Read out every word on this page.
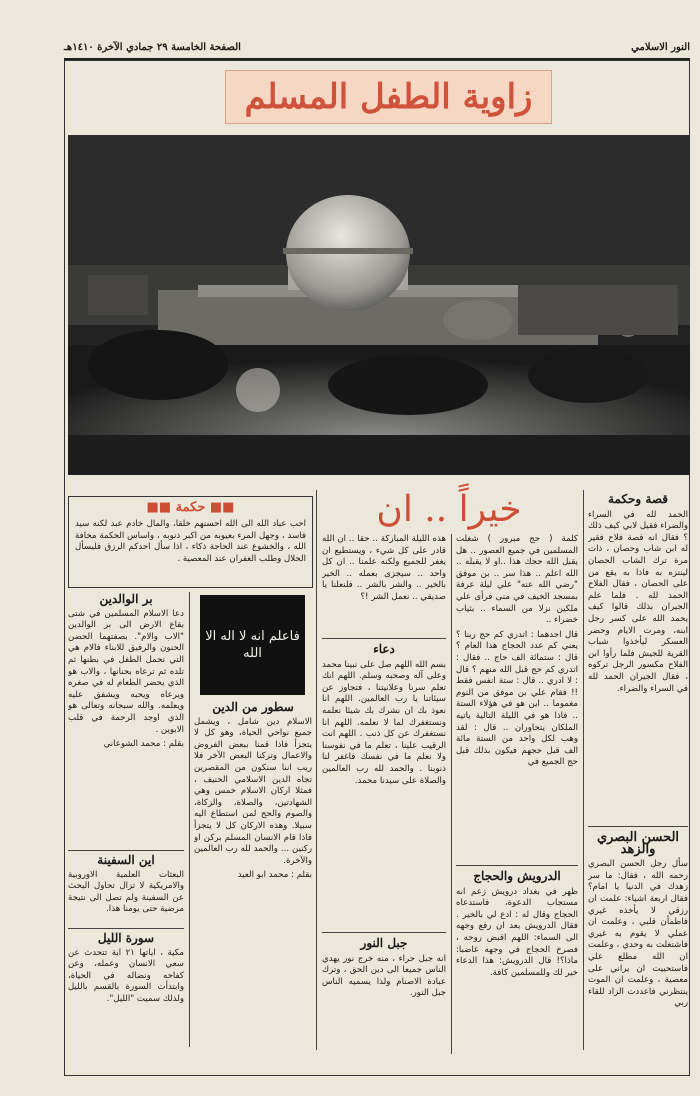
الصفحة الخامسة ٢٩ جمادي الآخرة ١٤١٠هـ	النور الاسلامي
زاوية الطفل المسلم
قصة وحكمة

الحمد لله في السراء والضراء فقيل لابي كيف ذلك ؟ فقال انه قصة فلاح فقير له ابن شاب وحصان ، ذات مرة ترك الشاب الحصان لينتزه به فاذا به يقع من على الحصان ، فقال الفلاح الحمد لله . فلما علم الجيران بذلك قالوا كيف يحمد الله على كسر رجل ابنه، ومرت الايام وحضر العسكر ليأخذوا شباب القرية للجيش فلما رأوا ابن الفلاح مكسور الرجل تركوه ، فقال الجيران الحمد لله في السراء والضراء.

الحسن البصري والزهد

سأل رجل الحسن البصري رحمه الله ، فقال: ما سر زهدك في الدنيا يا امام؟ فقال اربعة اشياء: علمت ان رزقي لا يأخذه غيري فاطمأن قلبي ، وعلمت ان عملي لا يقوم به غيري فاشتغلت به وحدي ، وعلمت ان الله مطلع علي فاستحييت ان يراني على معصية ، وعلمت ان الموت ينتظرني فاعددت الزاد للقاء ربي

خيراً .. ان

كلمة ( حج مبرور ) شغلت المسلمين في جميع العصور .. هل يقبل الله حجك هذا ..او لا يقبله .. الله اعلم .. هذا سر .. بن موفق "رضي الله عنه" علي ليلة عرفة بمسجد الخيف في منى فرأى علي ملكين نزلا من السماء .. بثياب خضراء ..

قال احدهما : اتدري كم حج ربنا ؟ يعني كم عدد الحجاج هذا العام ؟ قال : ستمائة الف حاج .. فقال : اتدري كم حج قبل الله منهم ؟ قال : لا ادري .. قال : ستة انفس فقط !! فقام علي بن موفق من النوم مغموما .. اين هو في هؤلاء الستة .. فاذا هو في الليلة التالية ياتيه الملكان يتحاوران .. قال : لقد وهب لكل واحد من الستة مائة الف قبل حجهم فيكون بذلك قبل حج الجميع في

الدرويش والحجاج

ظهر في بغداد درويش زعم انه مستجاب الدعوة، فاستدعاه الحجاج وقال له : ادع لي بالخير . فقال الدرويش بعد ان رفع وجهه الى السماء: اللهم اقبض روحه ، فصرخ الحجاج في وجهه غاضبا: ماذا؟! قال الدرويش: هذا الدعاء خير لك وللمسلمين كافة.

هذه الليلة المباركة .. حقا .. ان الله قادر على كل شيء ، ويستطيع ان يغفر للجميع ولكنه علمنا .. ان كل واحد .. سيجزى بعمله .. الخير بالخير .. والشر بالشر .. فلنعلنا يا صديقي .. نعمل الشر !؟

دعاء

بسم الله اللهم صل على نبينا محمد وعلى آله وصحبه وسلم. اللهم انك تعلم سرنا وعلانيتنا ، فتجاوز عن سيئاتنا يا رب العالمين. اللهم انا نعوذ بك ان نشرك بك شيئا نعلمه ونستغفرك لما لا نعلمه. اللهم انا نستغفرك عن كل ذنب . اللهم انت الرقيب علينا ، تعلم ما في نفوسنا ولا نعلم ما في نفسك فاغفر لنا ذنوبنا . والحمد لله رب العالمين والصلاة على سيدنا محمد.

جبل النور

انه جبل حراء ، منه خرج نور يهدي الناس جميعا الى دين الحق ، وترك عبادة الاصنام ولذا يسميه الناس جبل النور.

■■ حكمة ■■

احب عباد الله الى الله احسنهم خلقا، والمال خادم عبد لكنه سيد فاسد ، وجهل المرء بعيوبه من اكبر ذنوبه ، واساس الحكمة مخافة الله ، والخشوع عند الحاجة ذكاء ، اذا سأل احدكم الرزق فليسأل الحلال وطلب الغفران عند المعصية .

فاعلم انه لا اله الا الله
سطور من الدين

الاسلام دين شامل ، ويشمل جميع نواحي الحياة، وهو كل لا يتجزأ فاذا قمنا ببعض الفروض والاعمال وتركنا البعض الآخر فلا ريب اننا سنكون من المقصرين تجاه الدين الاسلامي الحنيف ، فمثلا اركان الاسلام خمس وهي الشهادتين، والصلاة، والزكاة، والصوم والحج لمن استطاع اليه سبيلا. وهذه الاركان كل لا يتجزأ فاذا قام الانسان المسلم بركن او ركنين ... والحمد لله رب العالمين والآخرة.

بقلم : محمد ابو العيد
بر الوالدين

دعا الاسلام المسلمين في شتى بقاع الارض الى بر الوالدين "الاب والام". بصفتهما الحضن الحنون والرفيق للابناء فالام هي التي تحمل الطفل في بطنها ثم تلده ثم ترعاه بحنانها ، والاب هو الذي يحضر الطعام له في صغره ويرعاه ويحبه ويشفق عليه ويعلمه. والله سبحانه وتعالى هو الذي اوجد الرحمة في قلب الابوين .

بقلم : محمد الشوعاني
اين السفينة

البعثات العلمية الاوروبية والامريكية لا تزال تحاول البحث عن السفينة ولم تصل الى نتيجة مرضية حتى يومنا هذا.

سورة الليل

مكية ، اياتها ٢١ اية تتحدث عن سعي الانسان وعمله، وعن كفاحه ونضاله في الحياة، وابتدأت السورة بالقسم بالليل ولذلك سميت "الليل".
